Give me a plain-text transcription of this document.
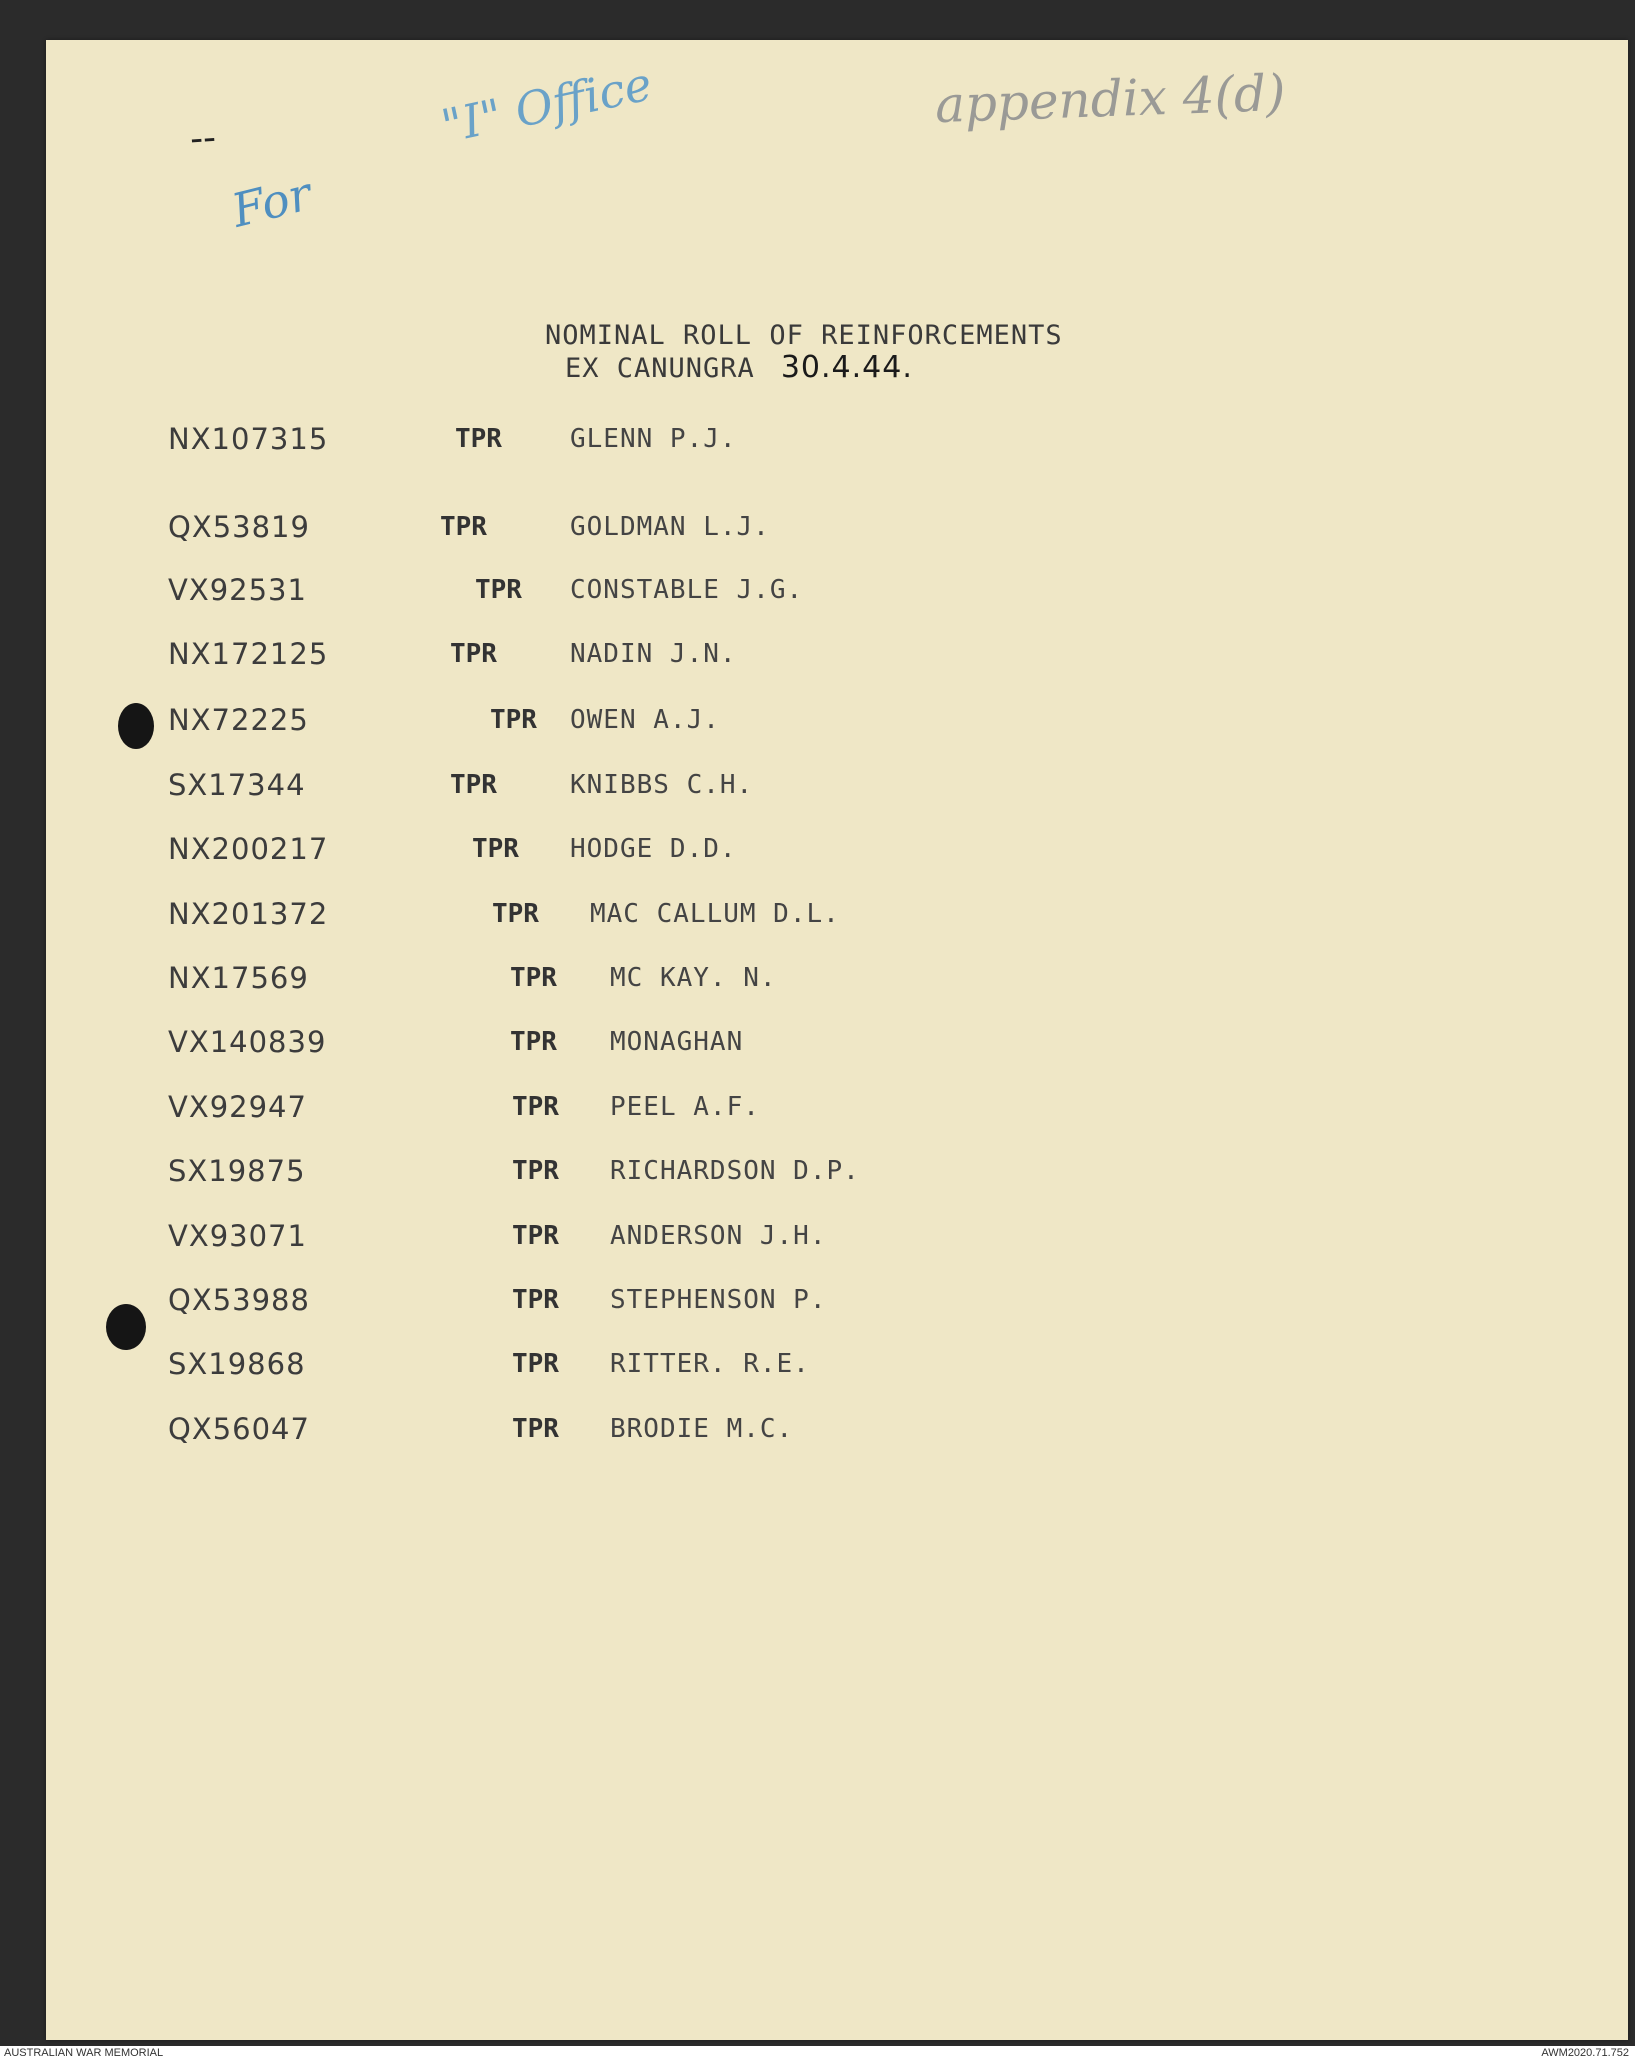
--
appendix 4(d)
For
"I" Office
NOMINAL ROLL OF REINFORCEMENTS
EX CANUNGRA 30.4.44.
NX107315	TPR	GLENN P.J.
QX53819	TPR	GOLDMAN L.J.
VX92531	TPR CONSTABLE J.G.
NX172125	TPR	NADIN J.N.
NX72225	TPR OWEN A.J.
SX17344	TPR	KNIBBS C.H.
NX200217	TPR HODGE D.D.
NX201372	TPR MAC CALLUM D.L.
NX17569	TPR MC KAY. N.
VX140839	TPR MONAGHAN
VX92947	TPR PEEL A.F.
SX19875	TPR RICHARDSON D.P.
VX93071	TPR ANDERSON J.H.
QX53988	TPR STEPHENSON P.
SX19868	TPR RITTER. R.E.
QX56047	TPR BRODIE M.C.
AUSTRALIAN WAR MEMORIAL	AWM2020.71.752
